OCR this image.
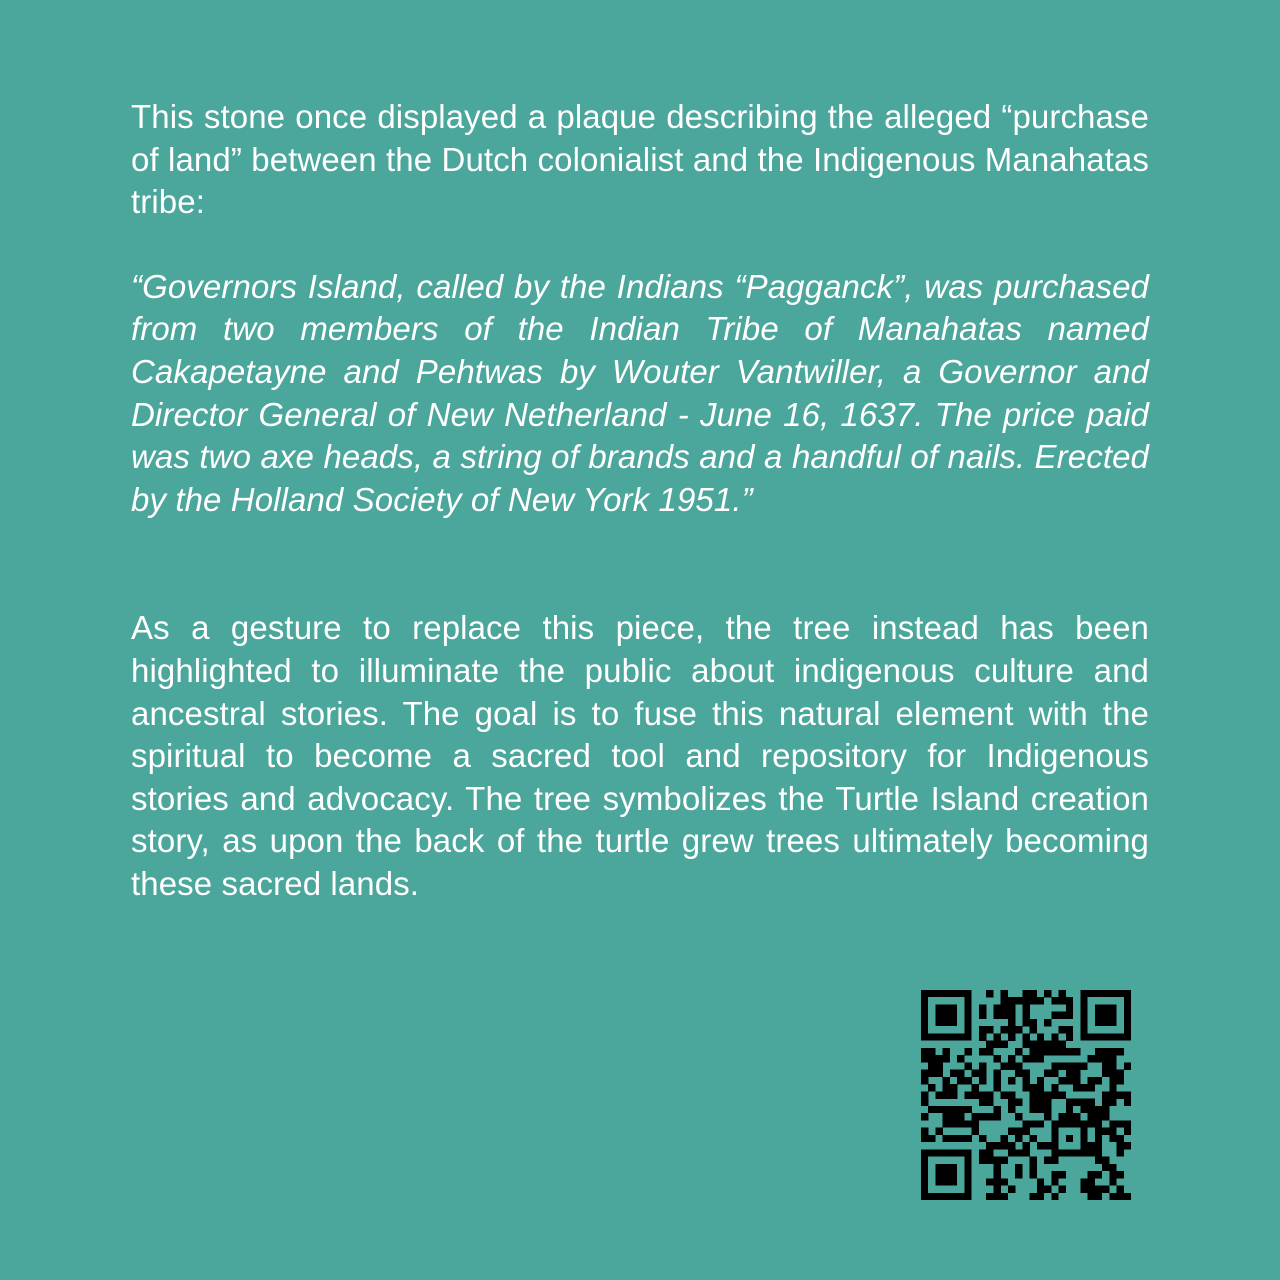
This stone once displayed a plaque describing the alleged “purchase of land” between the Dutch colonialist and the Indigenous Manahatas tribe:

“Governors Island, called by the Indians “Pagganck”, was purchased from two members of the Indian Tribe of Manahatas named Cakapetayne and Pehtwas by Wouter Vantwiller, a Governor and Director General of New Netherland - June 16, 1637. The price paid was two axe heads, a string of brands and a handful of nails. Erected by the Holland Society of New York 1951.”

As a gesture to replace this piece, the tree instead has been highlighted to illuminate the public about indigenous culture and ancestral stories. The goal is to fuse this natural element with the spiritual to become a sacred tool and repository for Indigenous stories and advocacy. The tree symbolizes the Turtle Island creation story, as upon the back of the turtle grew trees ultimately becoming these sacred lands.
